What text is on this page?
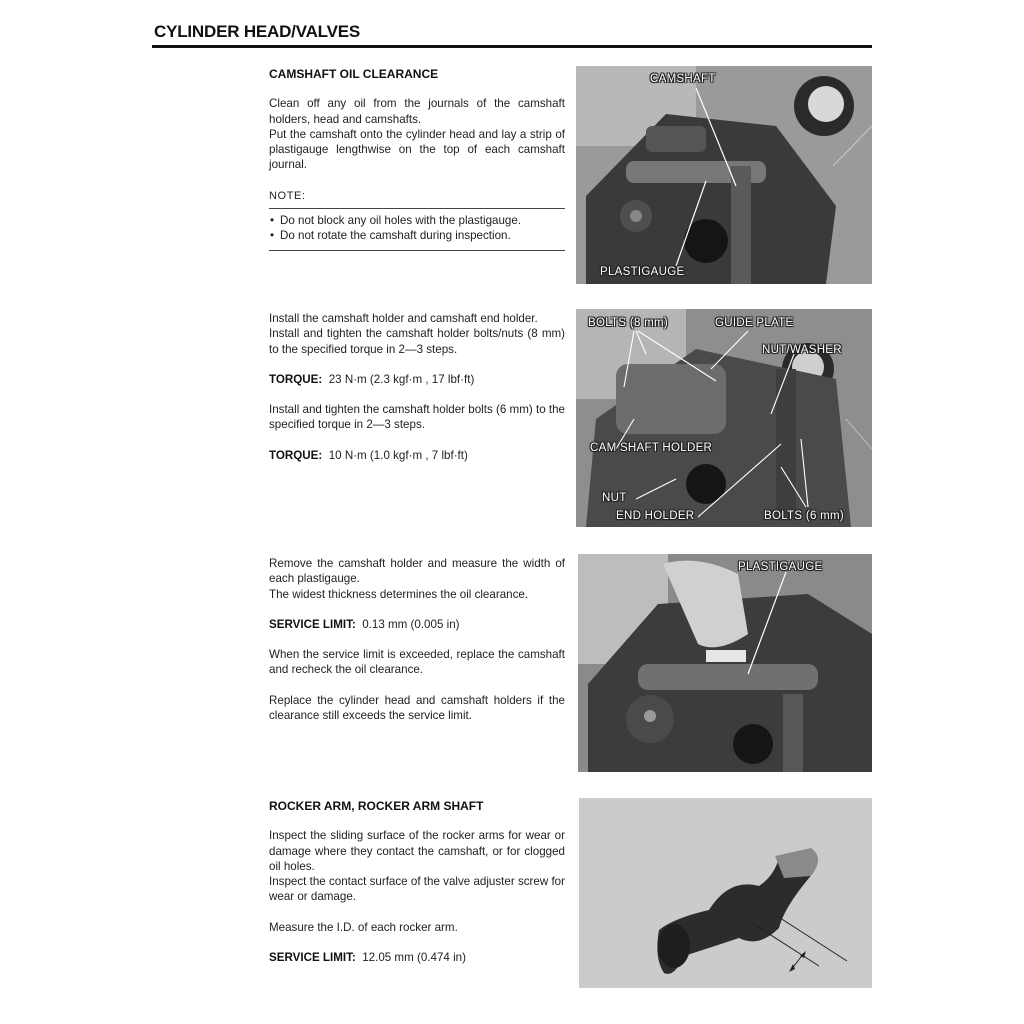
CYLINDER HEAD/VALVES
CAMSHAFT OIL CLEARANCE

Clean off any oil from the journals of the camshaft holders, head and camshafts.

Put the camshaft onto the cylinder head and lay a strip of plastigauge lengthwise on the top of each camshaft journal.

NOTE:
• Do not block any oil holes with the plastigauge.
• Do not rotate the camshaft during inspection.
CAMSHAFT
PLASTIGAUGE

Install the camshaft holder and camshaft end holder.

Install and tighten the camshaft holder bolts/nuts (8 mm) to the specified torque in 2—3 steps.

TORQUE: 23 N·m (2.3 kgf·m , 17 lbf·ft)

Install and tighten the camshaft holder bolts (6 mm) to the specified torque in 2—3 steps.

TORQUE: 10 N·m (1.0 kgf·m , 7 lbf·ft)

BOLTS (8 mm)	GUIDE PLATE
NUT/WASHER
CAM SHAFT HOLDER
NUT
END HOLDER	BOLTS (6 mm)

Remove the camshaft holder and measure the width of each plastigauge.

The widest thickness determines the oil clearance.

SERVICE LIMIT: 0.13 mm (0.005 in)

When the service limit is exceeded, replace the camshaft and recheck the oil clearance.

Replace the cylinder head and camshaft holders if the clearance still exceeds the service limit.

PLASTIGAUGE
ROCKER ARM, ROCKER ARM SHAFT

Inspect the sliding surface of the rocker arms for wear or damage where they contact the camshaft, or for clogged oil holes.

Inspect the contact surface of the valve adjuster screw for wear or damage.

Measure the I.D. of each rocker arm.

SERVICE LIMIT: 12.05 mm (0.474 in)
